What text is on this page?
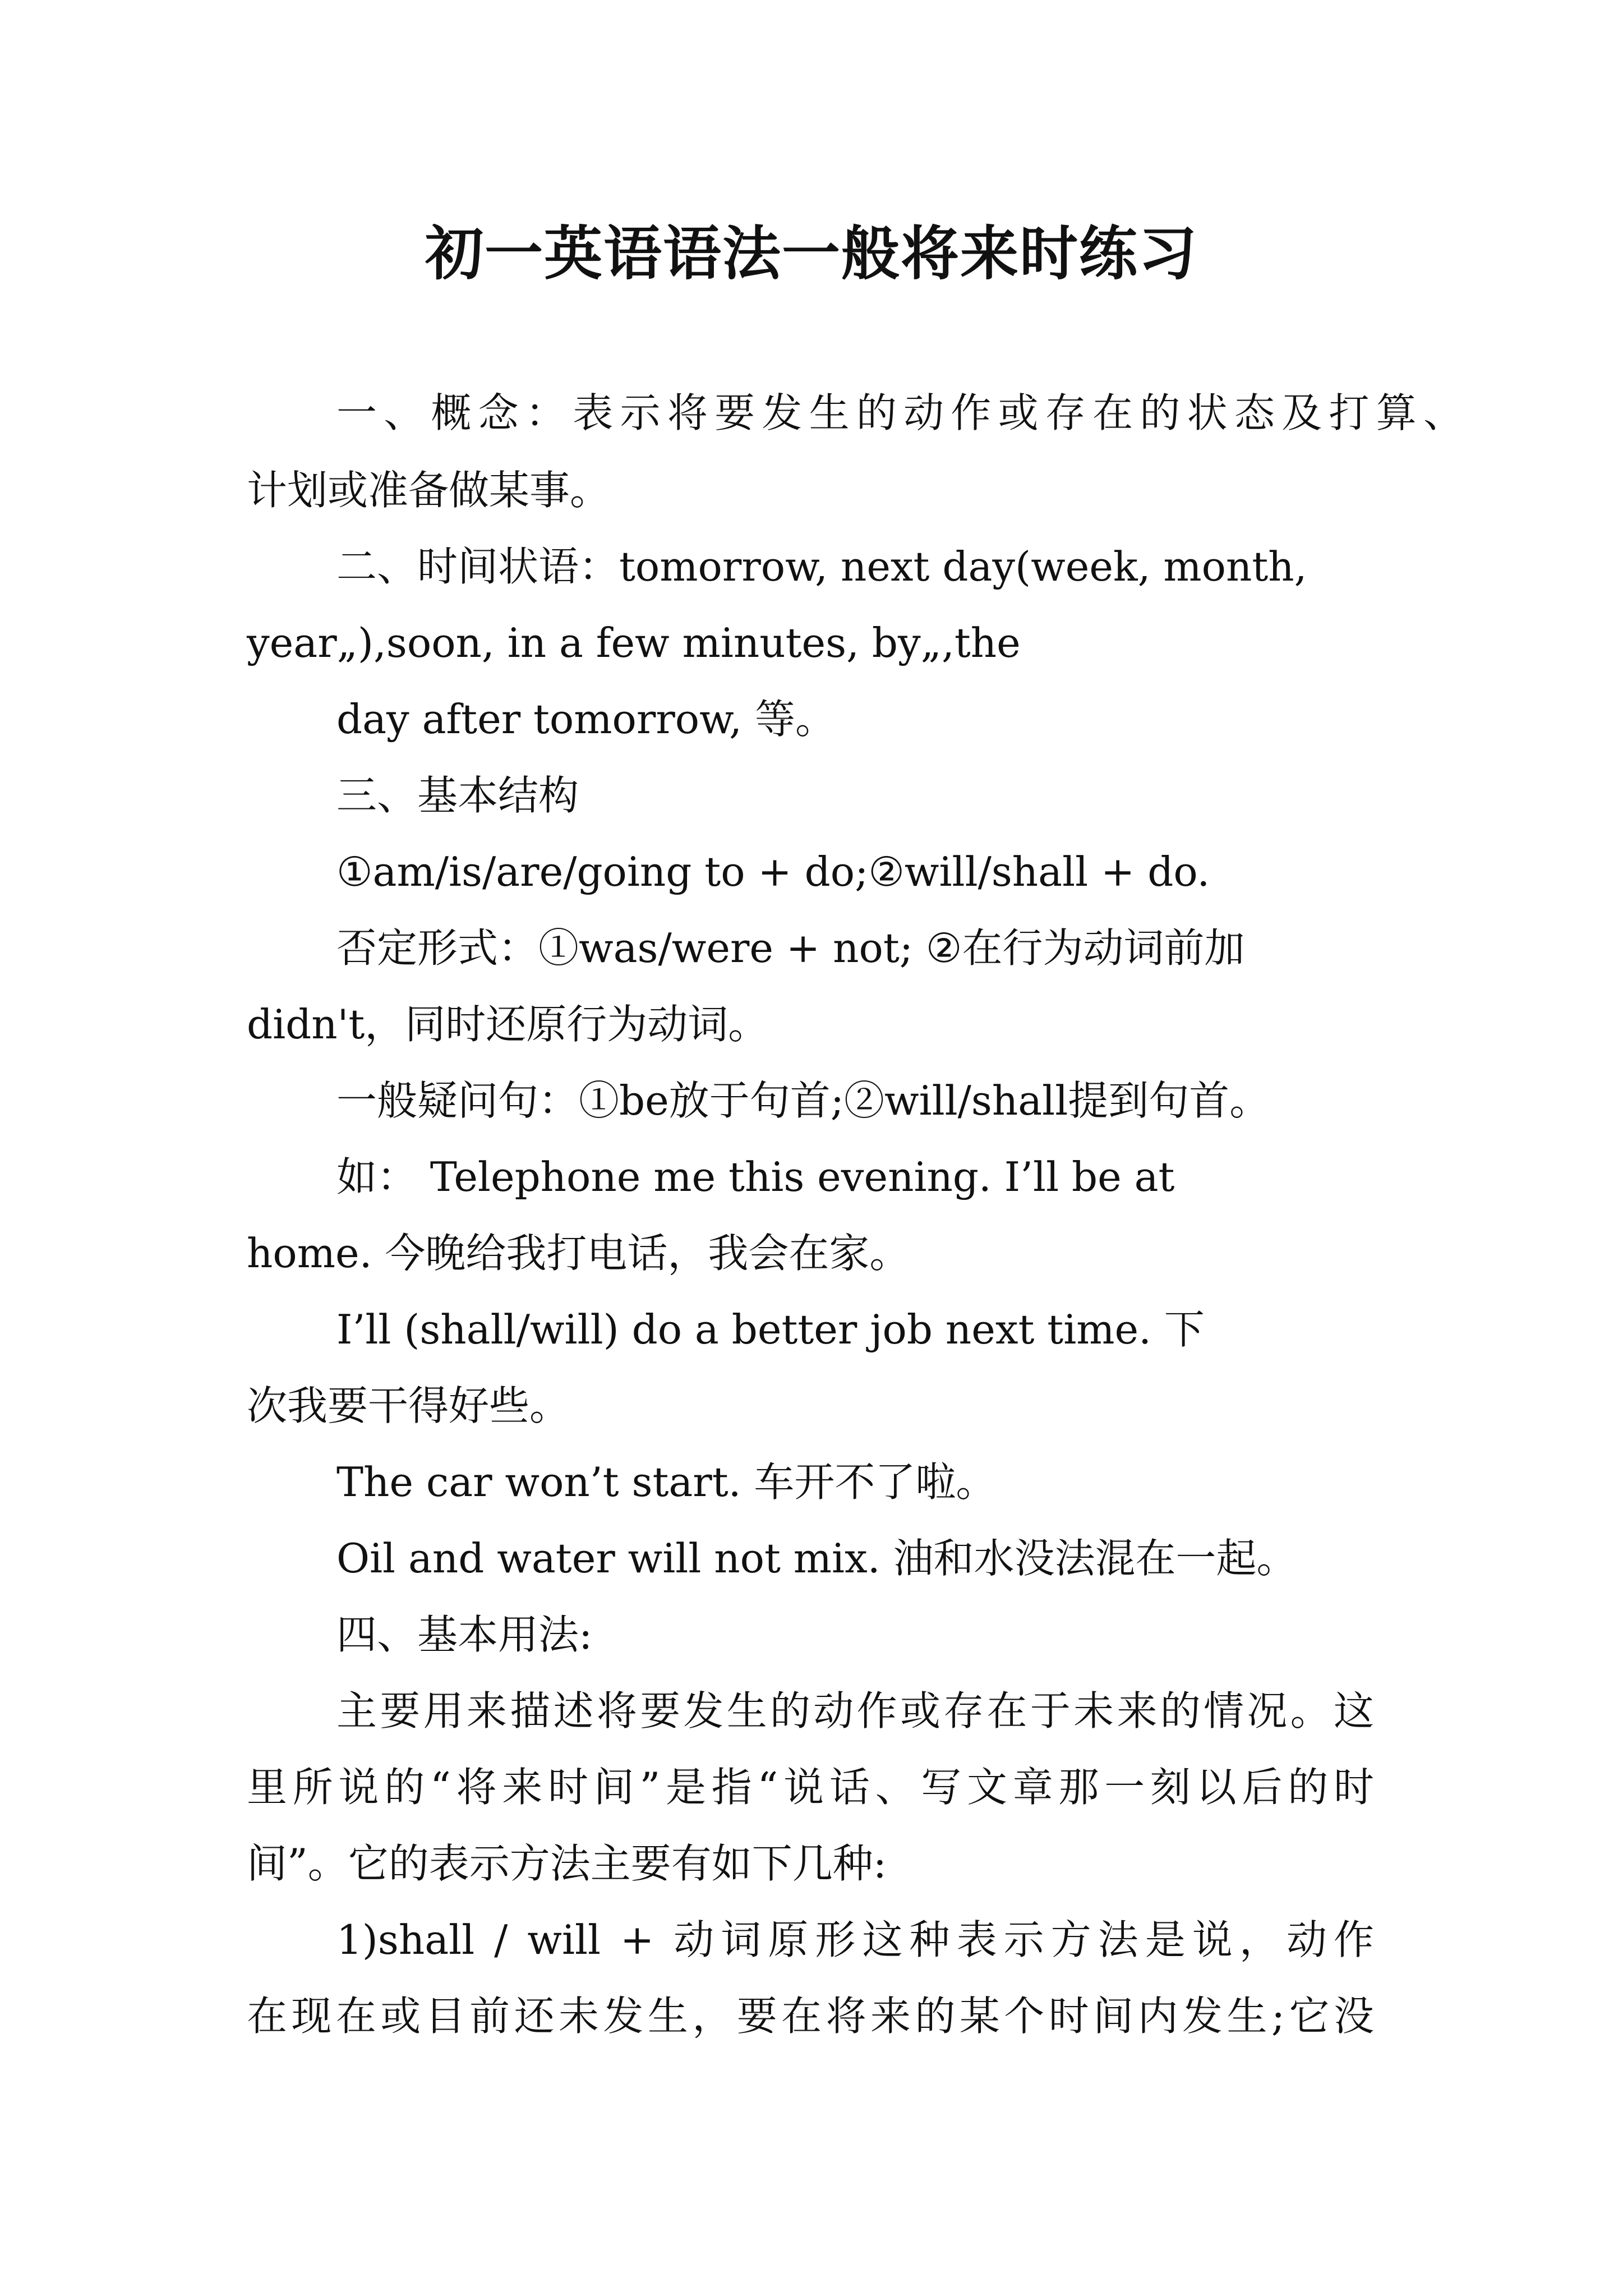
初一英语语法一般将来时练习

一、概念：表示将要发生的动作或存在的状态及打算、

计划或准备做某事。

二、时间状语：tomorrow, next day(week, month,

year„),soon, in a few minutes, by„,the

day after tomorrow, 等。

三、基本结构

①am/is/are/going to + do;②will/shall + do.

否定形式：①was/were + not; ②在行为动词前加

didn't，同时还原行为动词。

一般疑问句：①be放于句首;②will/shall提到句首。

如： Telephone me this evening. I’ll be at

home. 今晚给我打电话，我会在家。

I’ll (shall/will) do a better job next time. 下

次我要干得好些。

The car won’t start. 车开不了啦。

Oil and water will not mix. 油和水没法混在一起。

四、基本用法:

主要用来描述将要发生的动作或存在于未来的情况。这

里所说的“将来时间”是指“说话、写文章那一刻以后的时

间”。它的表示方法主要有如下几种:

1)shall / will + 动词原形这种表示方法是说，动作

在现在或目前还未发生，要在将来的某个时间内发生;它没
